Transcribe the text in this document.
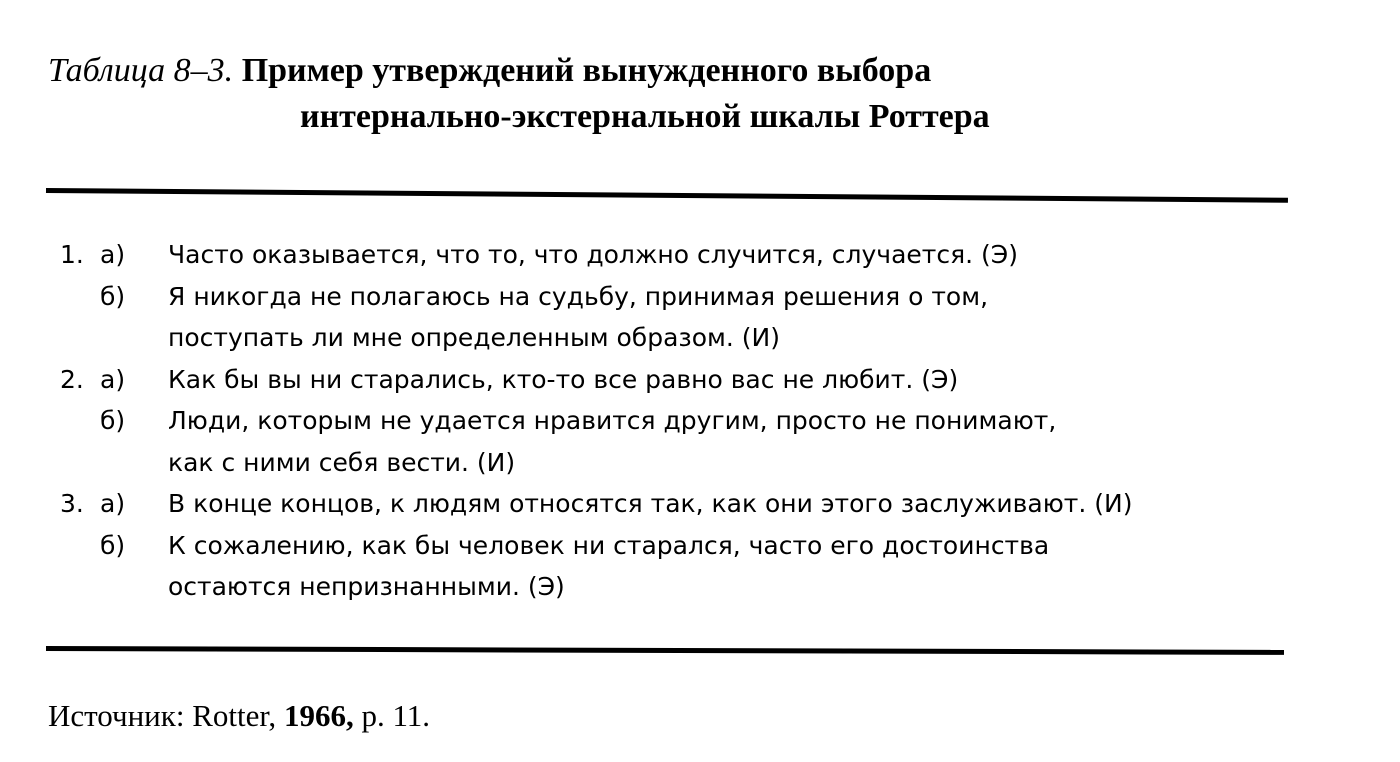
Таблица 8–3. Пример утверждений вынужденного выбора
интернально-экстернальной шкалы Роттера
1. а)	Часто оказывается, что то, что должно случится, случается. (Э)
б)	Я никогда не полагаюсь на судьбу, принимая решения о том,
поступать ли мне определенным образом. (И)
2. а)	Как бы вы ни старались, кто-то все равно вас не любит. (Э)
б)	Люди, которым не удается нравится другим, просто не понимают,
как с ними себя вести. (И)
3. а)	В конце концов, к людям относятся так, как они этого заслуживают. (И)
б)	К сожалению, как бы человек ни старался, часто его достоинства
остаются непризнанными. (Э)
Источник: Rotter, 1966, p. 11.
